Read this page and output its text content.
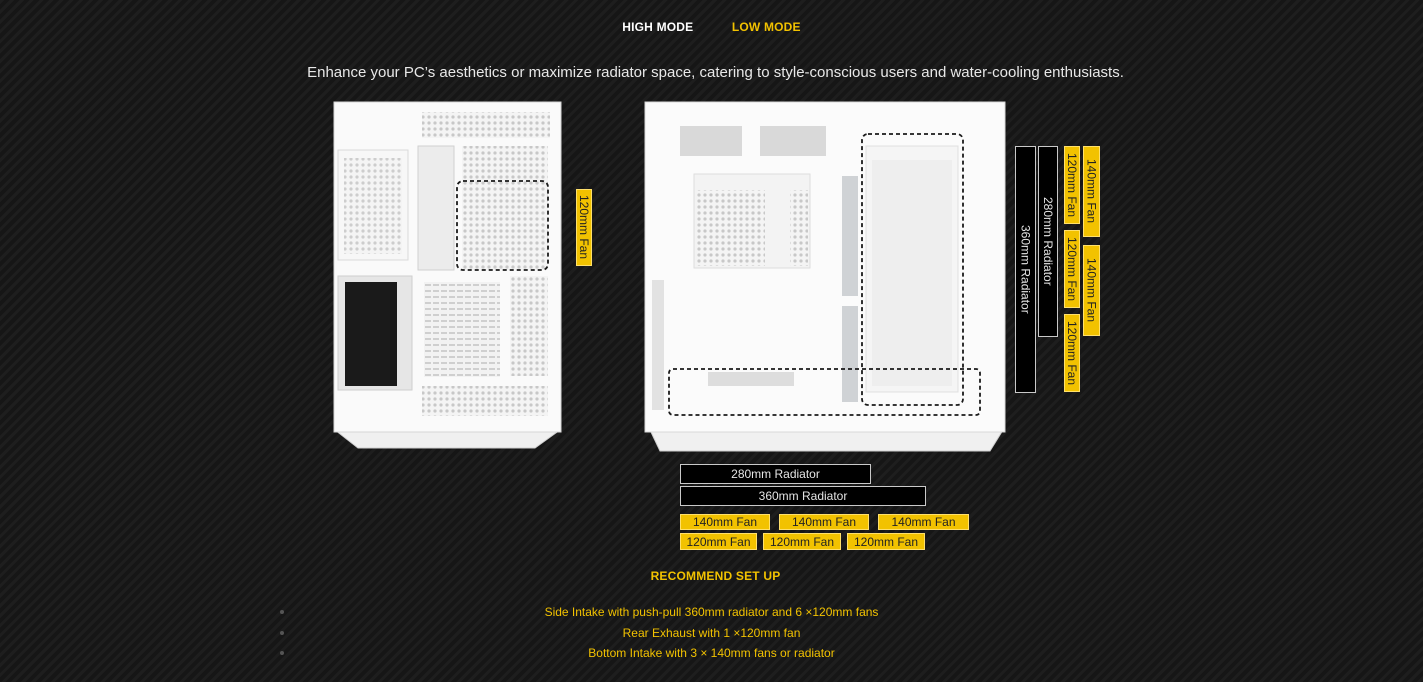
HIGH MODE	LOW MODE
Enhance your PC’s aesthetics or maximize radiator space, catering to style-conscious users and water-cooling enthusiasts.
120mm Fan	360mm Radiator 280mm Radiator
120mm Fan
120mm Fan
120mm Fan
140mm Fan
140mm Fan
280mm Radiator
360mm Radiator
140mm Fan	140mm Fan	140mm Fan
120mm Fan	120mm Fan	120mm Fan
RECOMMEND SET UP
Side Intake with push-pull 360mm radiator and 6 ×120mm fans
Rear Exhaust with 1 ×120mm fan
Bottom Intake with 3 × 140mm fans or radiator
